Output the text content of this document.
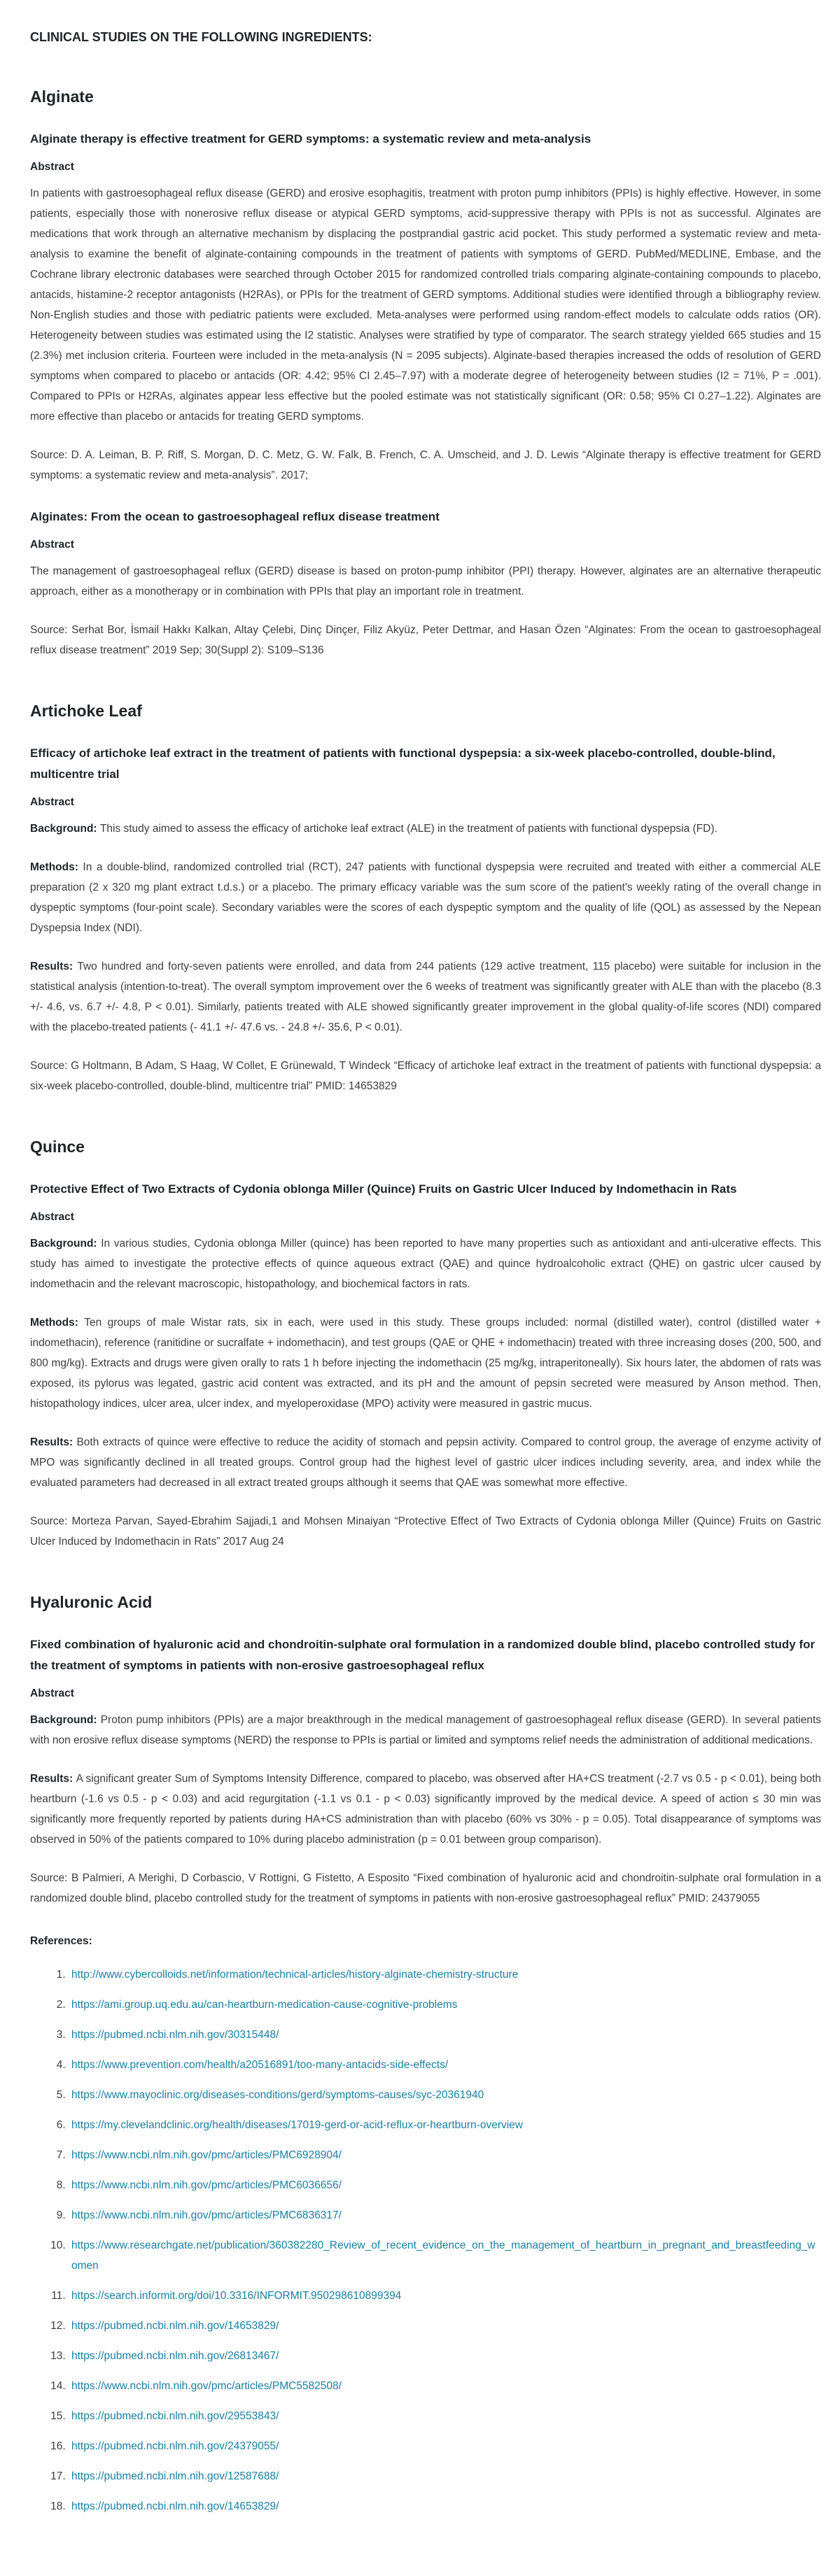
CLINICAL STUDIES ON THE FOLLOWING INGREDIENTS:
Alginate
Alginate therapy is effective treatment for GERD symptoms: a systematic review and meta-analysis
Abstract

In patients with gastroesophageal reflux disease (GERD) and erosive esophagitis, treatment with proton pump inhibitors (PPIs) is highly effective. However, in some patients, especially those with nonerosive reflux disease or atypical GERD symptoms, acid-suppressive therapy with PPIs is not as successful. Alginates are medications that work through an alternative mechanism by displacing the postprandial gastric acid pocket. This study performed a systematic review and meta-analysis to examine the benefit of alginate-containing compounds in the treatment of patients with symptoms of GERD. PubMed/MEDLINE, Embase, and the Cochrane library electronic databases were searched through October 2015 for randomized controlled trials comparing alginate-containing compounds to placebo, antacids, histamine-2 receptor antagonists (H2RAs), or PPIs for the treatment of GERD symptoms. Additional studies were identified through a bibliography review. Non-English studies and those with pediatric patients were excluded. Meta-analyses were performed using random-effect models to calculate odds ratios (OR). Heterogeneity between studies was estimated using the I2 statistic. Analyses were stratified by type of comparator. The search strategy yielded 665 studies and 15 (2.3%) met inclusion criteria. Fourteen were included in the meta-analysis (N = 2095 subjects). Alginate-based therapies increased the odds of resolution of GERD symptoms when compared to placebo or antacids (OR: 4.42; 95% CI 2.45–7.97) with a moderate degree of heterogeneity between studies (I2 = 71%, P = .001). Compared to PPIs or H2RAs, alginates appear less effective but the pooled estimate was not statistically significant (OR: 0.58; 95% CI 0.27–1.22). Alginates are more effective than placebo or antacids for treating GERD symptoms.

Source: D. A. Leiman, B. P. Riff, S. Morgan, D. C. Metz, G. W. Falk, B. French, C. A. Umscheid, and J. D. Lewis “Alginate therapy is effective treatment for GERD symptoms: a systematic review and meta-analysis”. 2017;

Alginates: From the ocean to gastroesophageal reflux disease treatment
Abstract

The management of gastroesophageal reflux (GERD) disease is based on proton-pump inhibitor (PPI) therapy. However, alginates are an alternative therapeutic approach, either as a monotherapy or in combination with PPIs that play an important role in treatment.

Source: Serhat Bor, İsmail Hakkı Kalkan, Altay Çelebi, Dinç Dinçer, Filiz Akyüz, Peter Dettmar, and Hasan Özen “Alginates: From the ocean to gastroesophageal reflux disease treatment” 2019 Sep; 30(Suppl 2): S109–S136

Artichoke Leaf
Efficacy of artichoke leaf extract in the treatment of patients with functional dyspepsia: a six-week placebo-controlled, double-blind, multicentre trial
Abstract

Background: This study aimed to assess the efficacy of artichoke leaf extract (ALE) in the treatment of patients with functional dyspepsia (FD).

Methods: In a double-blind, randomized controlled trial (RCT), 247 patients with functional dyspepsia were recruited and treated with either a commercial ALE preparation (2 x 320 mg plant extract t.d.s.) or a placebo. The primary efficacy variable was the sum score of the patient's weekly rating of the overall change in dyspeptic symptoms (four-point scale). Secondary variables were the scores of each dyspeptic symptom and the quality of life (QOL) as assessed by the Nepean Dyspepsia Index (NDI).

Results: Two hundred and forty-seven patients were enrolled, and data from 244 patients (129 active treatment, 115 placebo) were suitable for inclusion in the statistical analysis (intention-to-treat). The overall symptom improvement over the 6 weeks of treatment was significantly greater with ALE than with the placebo (8.3 +/- 4.6, vs. 6.7 +/- 4.8, P < 0.01). Similarly, patients treated with ALE showed significantly greater improvement in the global quality-of-life scores (NDI) compared with the placebo-treated patients (- 41.1 +/- 47.6 vs. - 24.8 +/- 35.6, P < 0.01).

Source: G Holtmann, B Adam, S Haag, W Collet, E Grünewald, T Windeck “Efficacy of artichoke leaf extract in the treatment of patients with functional dyspepsia: a six-week placebo-controlled, double-blind, multicentre trial” PMID: 14653829

Quince
Protective Effect of Two Extracts of Cydonia oblonga Miller (Quince) Fruits on Gastric Ulcer Induced by Indomethacin in Rats
Abstract

Background: In various studies, Cydonia oblonga Miller (quince) has been reported to have many properties such as antioxidant and anti-ulcerative effects. This study has aimed to investigate the protective effects of quince aqueous extract (QAE) and quince hydroalcoholic extract (QHE) on gastric ulcer caused by indomethacin and the relevant macroscopic, histopathology, and biochemical factors in rats.

Methods: Ten groups of male Wistar rats, six in each, were used in this study. These groups included: normal (distilled water), control (distilled water + indomethacin), reference (ranitidine or sucralfate + indomethacin), and test groups (QAE or QHE + indomethacin) treated with three increasing doses (200, 500, and 800 mg/kg). Extracts and drugs were given orally to rats 1 h before injecting the indomethacin (25 mg/kg, intraperitoneally). Six hours later, the abdomen of rats was exposed, its pylorus was legated, gastric acid content was extracted, and its pH and the amount of pepsin secreted were measured by Anson method. Then, histopathology indices, ulcer area, ulcer index, and myeloperoxidase (MPO) activity were measured in gastric mucus.

Results: Both extracts of quince were effective to reduce the acidity of stomach and pepsin activity. Compared to control group, the average of enzyme activity of MPO was significantly declined in all treated groups. Control group had the highest level of gastric ulcer indices including severity, area, and index while the evaluated parameters had decreased in all extract treated groups although it seems that QAE was somewhat more effective.

Source: Morteza Parvan, Sayed-Ebrahim Sajjadi,1 and Mohsen Minaiyan “Protective Effect of Two Extracts of Cydonia oblonga Miller (Quince) Fruits on Gastric Ulcer Induced by Indomethacin in Rats” 2017 Aug 24

Hyaluronic Acid
Fixed combination of hyaluronic acid and chondroitin-sulphate oral formulation in a randomized double blind, placebo controlled study for the treatment of symptoms in patients with non-erosive gastroesophageal reflux
Abstract

Background: Proton pump inhibitors (PPIs) are a major breakthrough in the medical management of gastroesophageal reflux disease (GERD). In several patients with non erosive reflux disease symptoms (NERD) the response to PPIs is partial or limited and symptoms relief needs the administration of additional medications.

Results: A significant greater Sum of Symptoms Intensity Difference, compared to placebo, was observed after HA+CS treatment (-2.7 vs 0.5 - p < 0.01), being both heartburn (-1.6 vs 0.5 - p < 0.03) and acid regurgitation (-1.1 vs 0.1 - p < 0.03) significantly improved by the medical device. A speed of action ≤ 30 min was significantly more frequently reported by patients during HA+CS administration than with placebo (60% vs 30% - p = 0.05). Total disappearance of symptoms was observed in 50% of the patients compared to 10% during placebo administration (p = 0.01 between group comparison).

Source: B Palmieri, A Merighi, D Corbascio, V Rottigni, G Fistetto, A Esposito “Fixed combination of hyaluronic acid and chondroitin-sulphate oral formulation in a randomized double blind, placebo controlled study for the treatment of symptoms in patients with non-erosive gastroesophageal reflux” PMID: 24379055

References:
1. http://www.cybercolloids.net/information/technical-articles/history-alginate-chemistry-structure
2. https://ami.group.uq.edu.au/can-heartburn-medication-cause-cognitive-problems
3. https://pubmed.ncbi.nlm.nih.gov/30315448/
4. https://www.prevention.com/health/a20516891/too-many-antacids-side-effects/
5. https://www.mayoclinic.org/diseases-conditions/gerd/symptoms-causes/syc-20361940
6. https://my.clevelandclinic.org/health/diseases/17019-gerd-or-acid-reflux-or-heartburn-overview
7. https://www.ncbi.nlm.nih.gov/pmc/articles/PMC6928904/
8. https://www.ncbi.nlm.nih.gov/pmc/articles/PMC6036656/
9. https://www.ncbi.nlm.nih.gov/pmc/articles/PMC6836317/
10. https://www.researchgate.net/publication/360382280_Review_of_recent_evidence_on_the_management_of_heartburn_in_pregnant_and_breastfeeding_women
11. https://search.informit.org/doi/10.3316/INFORMIT.950298610899394
12. https://pubmed.ncbi.nlm.nih.gov/14653829/
13. https://pubmed.ncbi.nlm.nih.gov/26813467/
14. https://www.ncbi.nlm.nih.gov/pmc/articles/PMC5582508/
15. https://pubmed.ncbi.nlm.nih.gov/29553843/
16. https://pubmed.ncbi.nlm.nih.gov/24379055/
17. https://pubmed.ncbi.nlm.nih.gov/12587688/
18. https://pubmed.ncbi.nlm.nih.gov/14653829/
